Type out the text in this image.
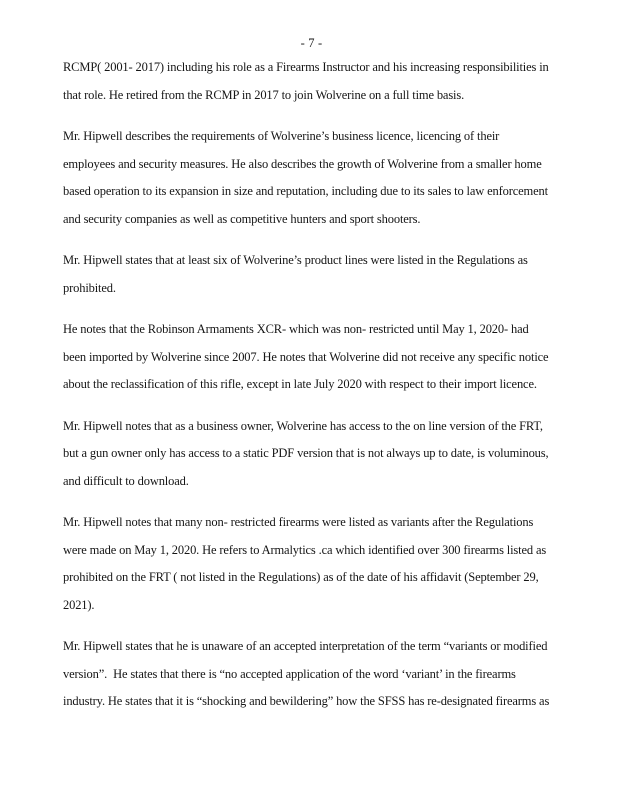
- 7 -

RCMP( 2001- 2017) including his role as a Firearms Instructor and his increasing responsibilities in
that role. He retired from the RCMP in 2017 to join Wolverine on a full time basis.

Mr. Hipwell describes the requirements of Wolverine’s business licence, licencing of their
employees and security measures. He also describes the growth of Wolverine from a smaller home
based operation to its expansion in size and reputation, including due to its sales to law enforcement
and security companies as well as competitive hunters and sport shooters.

Mr. Hipwell states that at least six of Wolverine’s product lines were listed in the Regulations as
prohibited.

He notes that the Robinson Armaments XCR- which was non- restricted until May 1, 2020- had
been imported by Wolverine since 2007. He notes that Wolverine did not receive any specific notice
about the reclassification of this rifle, except in late July 2020 with respect to their import licence.

Mr. Hipwell notes that as a business owner, Wolverine has access to the on line version of the FRT,
but a gun owner only has access to a static PDF version that is not always up to date, is voluminous,
and difficult to download.

Mr. Hipwell notes that many non- restricted firearms were listed as variants after the Regulations
were made on May 1, 2020. He refers to Armalytics .ca which identified over 300 firearms listed as
prohibited on the FRT ( not listed in the Regulations) as of the date of his affidavit (September 29,
2021).

Mr. Hipwell states that he is unaware of an accepted interpretation of the term “variants or modified
version”.  He states that there is “no accepted application of the word ‘variant’ in the firearms
industry. He states that it is “shocking and bewildering” how the SFSS has re-designated firearms as
